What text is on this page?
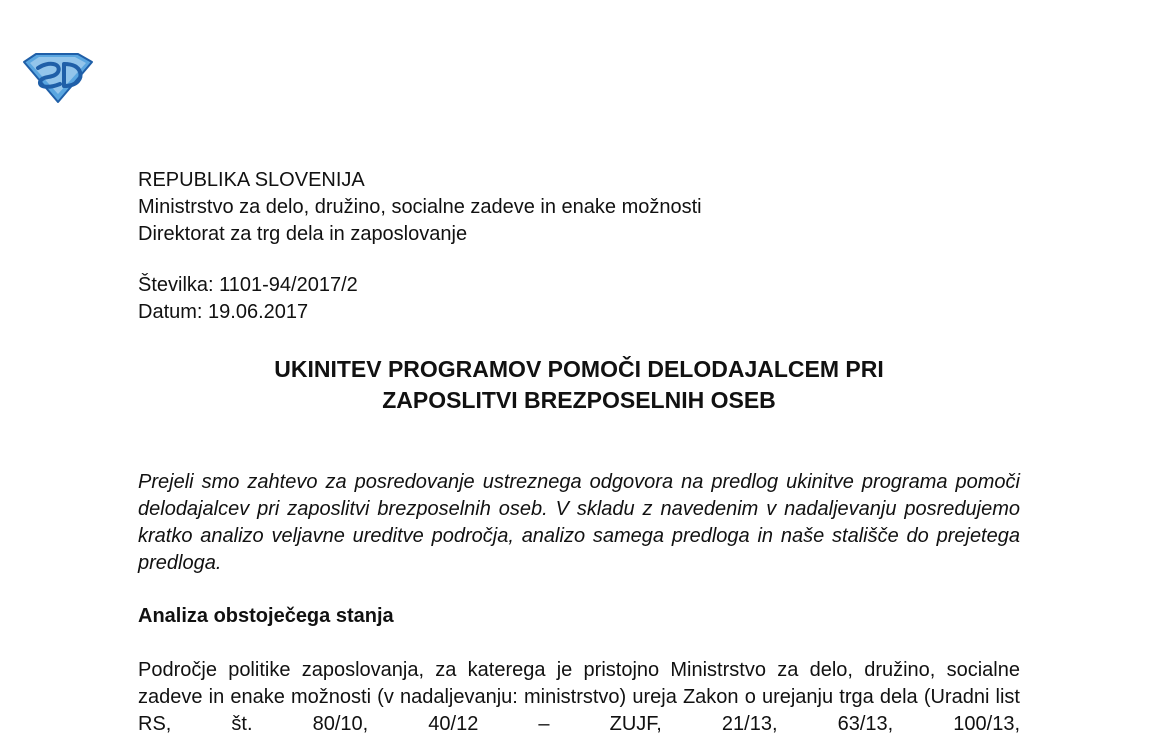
REPUBLIKA SLOVENIJA
Ministrstvo za delo, družino, socialne zadeve in enake možnosti
Direktorat za trg dela in zaposlovanje
Številka: 1101-94/2017/2
Datum: 19.06.2017
UKINITEV PROGRAMOV POMOČI DELODAJALCEM PRI
ZAPOSLITVI BREZPOSELNIH OSEB

Prejeli smo zahtevo za posredovanje ustreznega odgovora na predlog ukinitve programa pomoči delodajalcev pri zaposlitvi brezposelnih oseb. V skladu z navedenim v nadaljevanju posredujemo kratko analizo veljavne ureditve področja, analizo samega predloga in naše stališče do prejetega predloga.

Analiza obstoječega stanja

Področje politike zaposlovanja, za katerega je pristojno Ministrstvo za delo, družino, socialne zadeve in enake možnosti (v nadaljevanju: ministrstvo) ureja Zakon o urejanju trga dela (Uradni list RS, št. 80/10, 40/12 – ZUJF, 21/13, 63/13, 100/13,
